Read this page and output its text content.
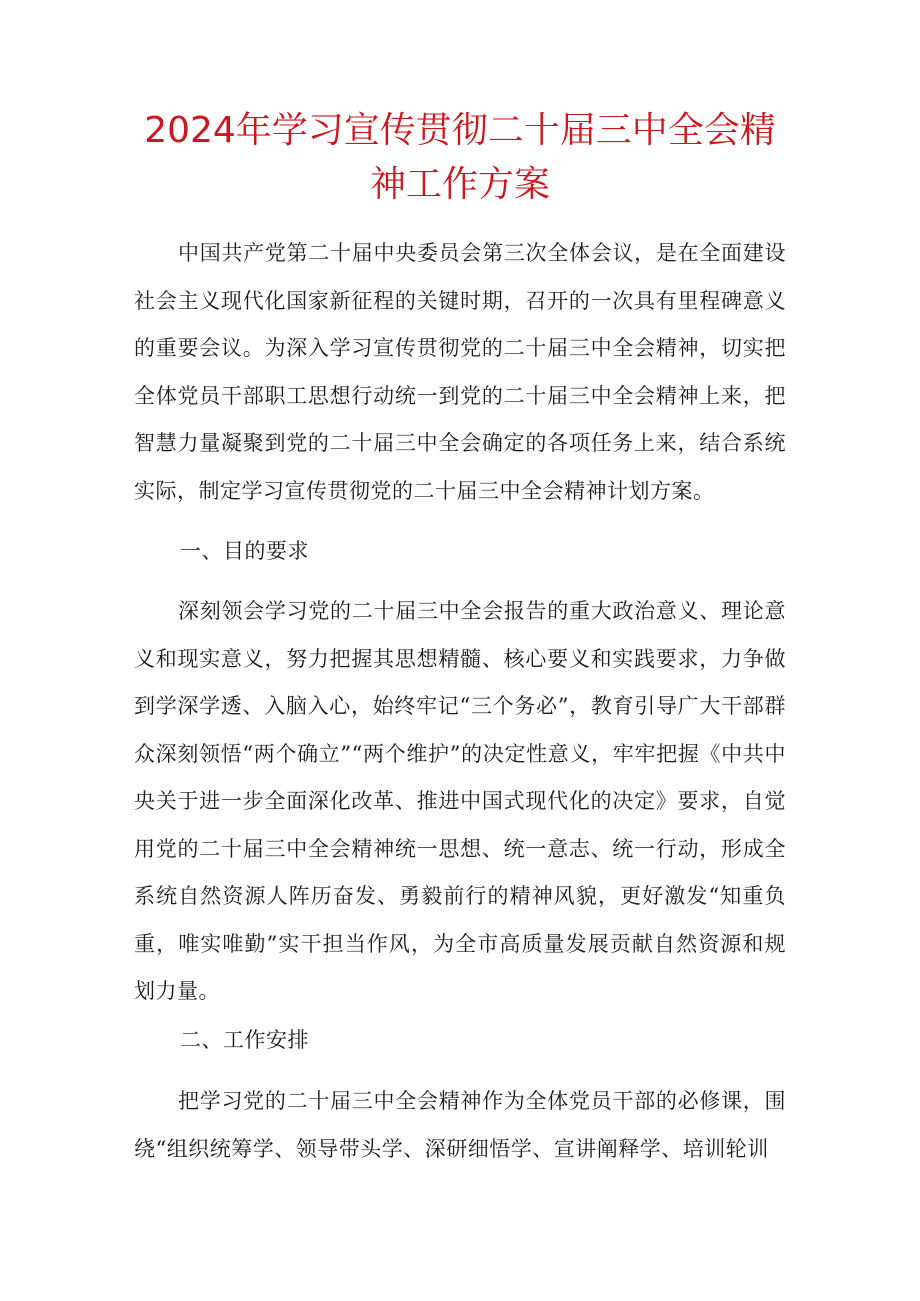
2024年学习宣传贯彻二十届三中全会精神工作方案

中国共产党第二十届中央委员会第三次全体会议，是在全面建设社会主义现代化国家新征程的关键时期，召开的一次具有里程碑意义的重要会议。为深入学习宣传贯彻党的二十届三中全会精神，切实把全体党员干部职工思想行动统一到党的二十届三中全会精神上来，把智慧力量凝聚到党的二十届三中全会确定的各项任务上来，结合系统实际，制定学习宣传贯彻党的二十届三中全会精神计划方案。

一、目的要求

深刻领会学习党的二十届三中全会报告的重大政治意义、理论意义和现实意义，努力把握其思想精髓、核心要义和实践要求，力争做到学深学透、入脑入心，始终牢记“三个务必”，教育引导广大干部群众深刻领悟“两个确立”“两个维护”的决定性意义，牢牢把握《中共中央关于进一步全面深化改革、推进中国式现代化的决定》要求，自觉用党的二十届三中全会精神统一思想、统一意志、统一行动，形成全系统自然资源人阵历奋发、勇毅前行的精神风貌，更好激发“知重负重，唯实唯勤”实干担当作风，为全市高质量发展贡献自然资源和规划力量。

二、工作安排

把学习党的二十届三中全会精神作为全体党员干部的必修课，围绕“组织统筹学、领导带头学、深研细悟学、宣讲阐释学、培训轮训
